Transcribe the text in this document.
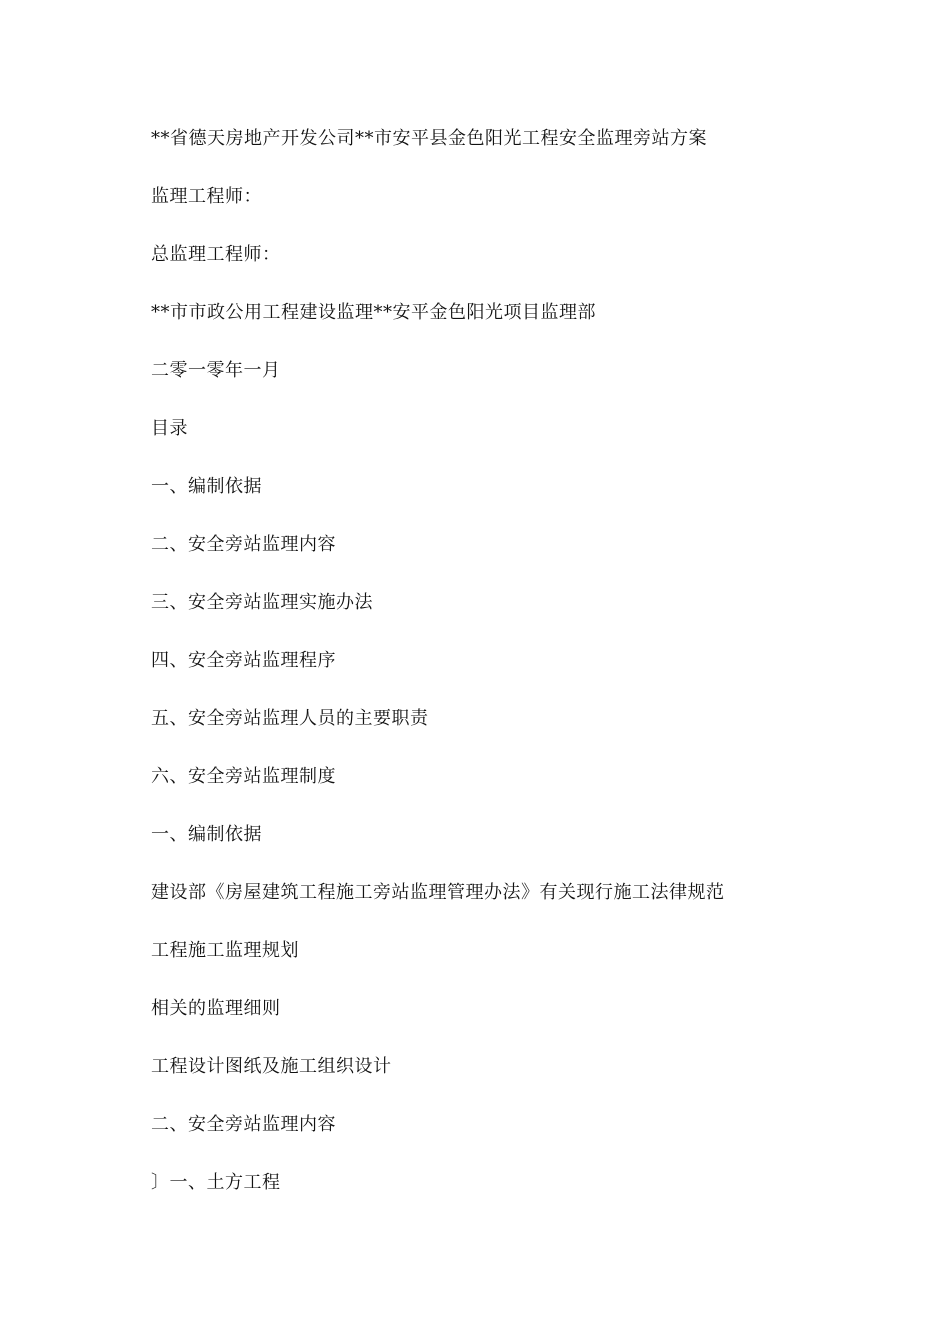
**省德天房地产开发公司**市安平县金色阳光工程安全监理旁站方案
监理工程师：
总监理工程师：
**市市政公用工程建设监理**安平金色阳光项目监理部
二零一零年一月
目录
一、编制依据
二、安全旁站监理内容
三、安全旁站监理实施办法
四、安全旁站监理程序
五、安全旁站监理人员的主要职责
六、安全旁站监理制度
一、编制依据
建设部《房屋建筑工程施工旁站监理管理办法》有关现行施工法律规范
工程施工监理规划
相关的监理细则
工程设计图纸及施工组织设计
二、安全旁站监理内容
〕一、土方工程
